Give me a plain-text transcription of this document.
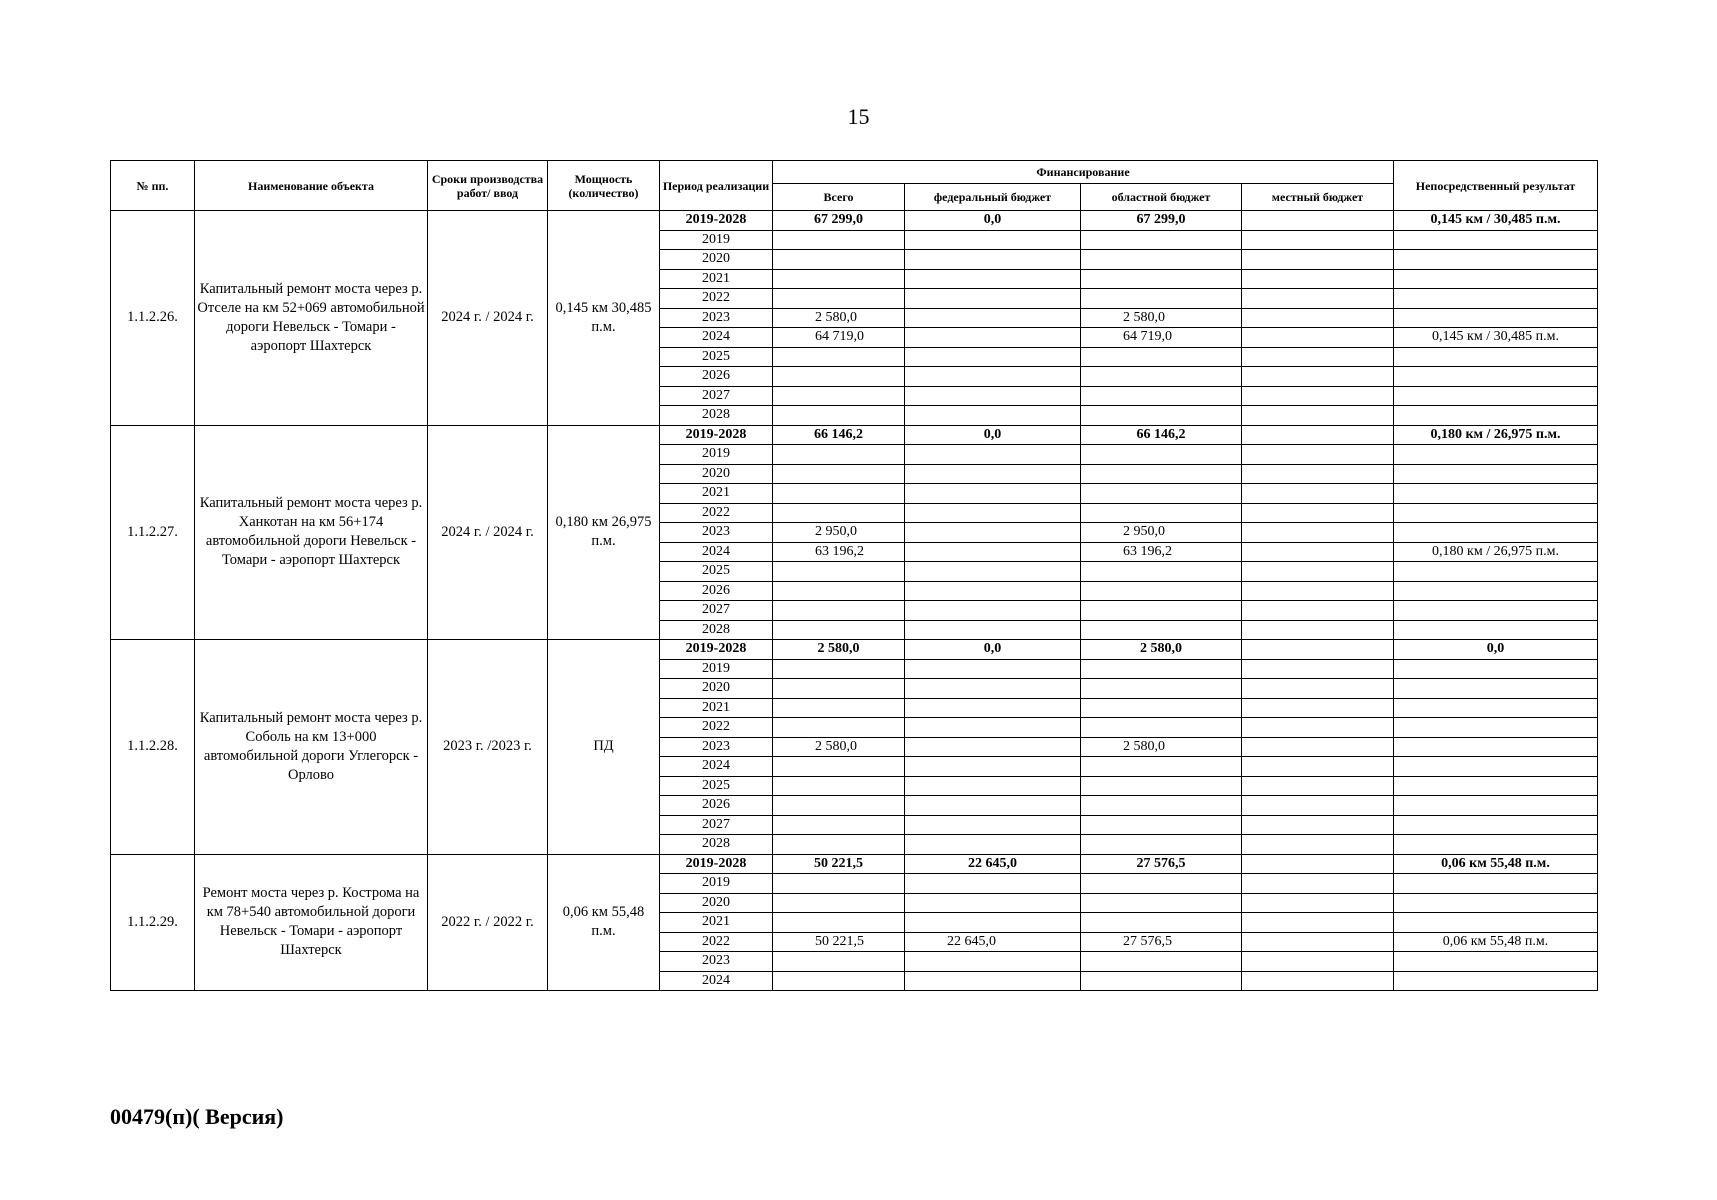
15
№ пп.	Наименование объекта	Сроки производства работ/ ввод	Мощность (количество)	Период реализации	Финансирование				Непосредственный результат
					Всего	федеральный бюджет	областной бюджет	местный бюджет	
1.1.2.26.	Капитальный ремонт моста через р. Отселе на км 52+069 автомобильной дороги Невельск - Томари - аэропорт Шахтерск	2024 г. / 2024 г.	0,145 км 30,485 п.м.	2019-2028	67 299,0	0,0	67 299,0		0,145 км / 30,485 п.м.
				2019					
				2020					
				2021					
				2022					
				2023	2 580,0		2 580,0		
				2024	64 719,0		64 719,0		0,145 км / 30,485 п.м.
				2025					
				2026					
				2027					
				2028					
1.1.2.27.	Капитальный ремонт моста через р. Ханкотан на км 56+174 автомобильной дороги Невельск - Томари - аэропорт Шахтерск	2024 г. / 2024 г.	0,180 км 26,975 п.м.	2019-2028	66 146,2	0,0	66 146,2		0,180 км / 26,975 п.м.
				2019					
				2020					
				2021					
				2022					
				2023	2 950,0		2 950,0		
				2024	63 196,2		63 196,2		0,180 км / 26,975 п.м.
				2025					
				2026					
				2027					
				2028					
1.1.2.28.	Капитальный ремонт моста через р. Соболь на км 13+000 автомобильной дороги Углегорск - Орлово	2023 г. /2023 г.	ПД	2019-2028	2 580,0	0,0	2 580,0		0,0
				2019					
				2020					
				2021					
				2022					
				2023	2 580,0		2 580,0		
				2024					
				2025					
				2026					
				2027					
				2028					
1.1.2.29.	Ремонт моста через р. Кострома на км 78+540 автомобильной дороги Невельск - Томари - аэропорт Шахтерск	2022 г. / 2022 г.	0,06 км 55,48 п.м.	2019-2028	50 221,5	22 645,0	27 576,5		0,06 км 55,48 п.м.
				2019					
				2020					
				2021					
				2022	50 221,5	22 645,0	27 576,5		0,06 км 55,48 п.м.
				2023					
				2024					
00479(п)( Версия)
